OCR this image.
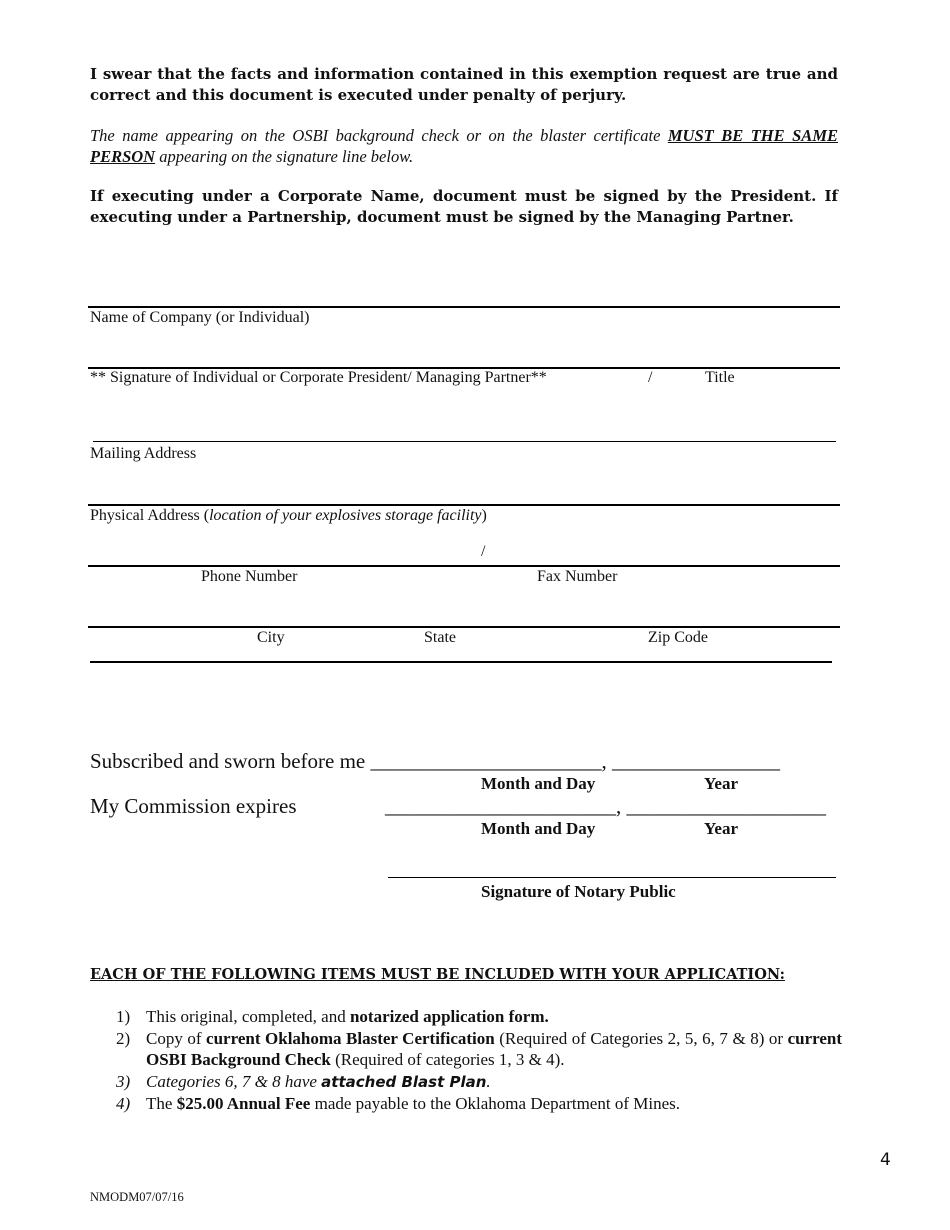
I swear that the facts and information contained in this exemption request are true and correct and this document is executed under penalty of perjury.
The name appearing on the OSBI background check or on the blaster certificate MUST BE THE SAME PERSON appearing on the signature line below.
If executing under a Corporate Name, document must be signed by the President. If executing under a Partnership, document must be signed by the Managing Partner.
Name of Company (or Individual)
** Signature of Individual or Corporate President/ Managing Partner**	/	Title
Mailing Address
Physical Address (location of your explosives storage facility)
/
Phone Number	Fax Number
City	State	Zip Code
Subscribed and sworn before me ______________________, ________________
Month and Day	Year
My Commission expires	______________________, ___________________
Month and Day	Year
Signature of Notary Public
EACH OF THE FOLLOWING ITEMS MUST BE INCLUDED WITH YOUR APPLICATION:
1) This original, completed, and notarized application form.
2) Copy of current Oklahoma Blaster Certification (Required of Categories 2, 5, 6, 7 & 8) or current OSBI Background Check (Required of categories 1, 3 & 4).
3) Categories 6, 7 & 8 have attached Blast Plan.
4) The $25.00 Annual Fee made payable to the Oklahoma Department of Mines.
4
NMODM07/07/16
